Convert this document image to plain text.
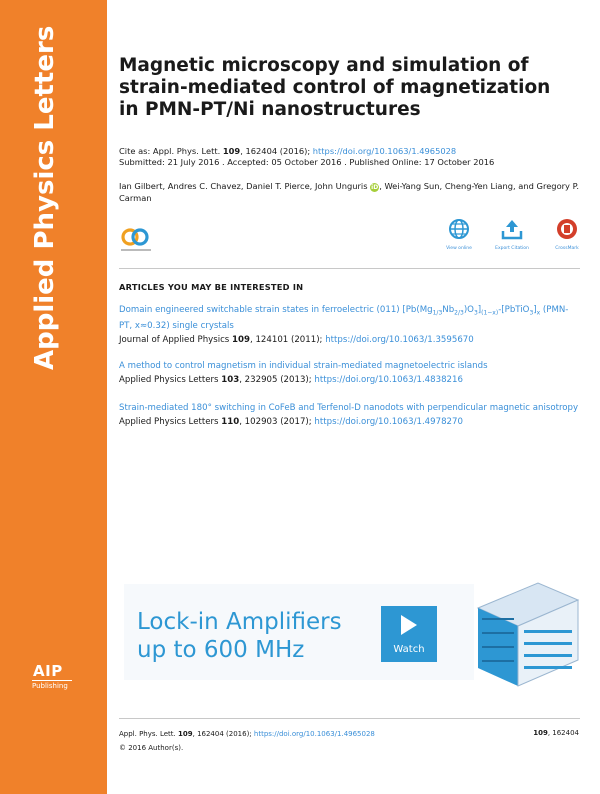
Applied Physics Letters
AIP
Publishing
Magnetic microscopy and simulation of strain-mediated control of magnetization in PMN-PT/Ni nanostructures
Cite as: Appl. Phys. Lett. 109, 162404 (2016); https://doi.org/10.1063/1.4965028
Submitted: 21 July 2016 . Accepted: 05 October 2016 . Published Online: 17 October 2016
Ian Gilbert, Andres C. Chavez, Daniel T. Pierce, John Unguris iD, Wei-Yang Sun, Cheng-Yen Liang, and Gregory P. Carman
View online	Export Citation	CrossMark
ARTICLES YOU MAY BE INTERESTED IN
Domain engineered switchable strain states in ferroelectric (011) $[Pb(Mg_{1/3}Nb_{2/3})O_3]_{(1-x)}-[PbTiO_3]_x$ (PMN-PT, x≈0.32) single crystals
Journal of Applied Physics 109, 124101 (2011); https://doi.org/10.1063/1.3595670
A method to control magnetism in individual strain-mediated magnetoelectric islands
Applied Physics Letters 103, 232905 (2013); https://doi.org/10.1063/1.4838216
Strain-mediated 180° switching in CoFeB and Terfenol-D nanodots with perpendicular magnetic anisotropy
Applied Physics Letters 110, 102903 (2017); https://doi.org/10.1063/1.4978270
Lock-in Amplifiers
up to 600 MHz	Watch
Appl. Phys. Lett. 109, 162404 (2016); https://doi.org/10.1063/1.4965028	109, 162404
© 2016 Author(s).
